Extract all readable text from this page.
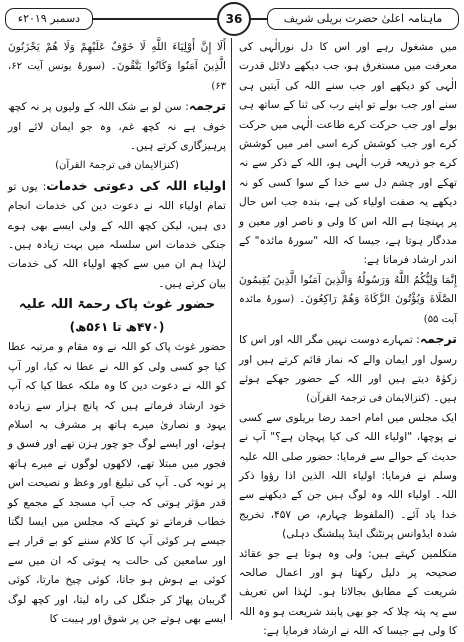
دسمبر ۲۰۱۹ء	36	ماہنامہ اعلیٰ حضرت بریلی شریف

میں مشغول رہے اور اس کا دل نورالٰہی کی معرفت میں مستغرق ہو، جب دیکھے دلائل قدرت الٰہی کو دیکھے اور جب سنے اللہ کی آیتیں ہی سنے اور جب بولے تو اپنے رب کی ثنا کے ساتھ ہی بولے اور جب حرکت کرے طاعت الٰہی میں حرکت کرے اور جب کوشش کرے اسی امر میں کوشش کرے جو ذریعہ قرب الٰہی ہو، اللہ کے ذکر سے نہ تھکے اور چشم دل سے خدا کے سوا کسی کو نہ دیکھے یہ صفت اولیاء کی ہے، بندہ جب اس حال پر پہنچتا ہے اللہ اس کا ولی و ناصر اور معین و مددگار ہوتا ہے، جیسا کہ اللہ "سورۂ مائدہ" کے اندر ارشاد فرماتا ہے:

إِنَّمَا وَلِيُّكُمُ اللَّهُ وَرَسُولُهُ وَالَّذِينَ آمَنُوا الَّذِينَ يُقِيمُونَ الصَّلَاةَ وَيُؤْتُونَ الزَّكَاةَ وَهُمْ رَاكِعُونَ۔ (سورۂ مائدہ آیت ۵۵)

ترجمہ: تمہارے دوست نہیں مگر اللہ اور اس کا رسول اور ایمان والے کہ نماز قائم کرتے ہیں اور زکوٰۃ دیتے ہیں اور اللہ کے حضور جھکے ہوئے ہیں۔ (کنزالایمان فی ترجمۃ القرآن)

ایک مجلس میں امام احمد رضا بریلوی سے کسی نے پوچھا، "اولیاء اللہ کی کیا پہچان ہے؟" آپ نے حدیث کے حوالے سے فرمایا: حضور صلی اللہ علیہ وسلم نے فرمایا: اولیاء اللہ الذین اذا رؤوا ذکر اللہ۔ اولیاء اللہ وہ لوگ ہیں جن کے دیکھنے سے خدا یاد آئے۔ (الملفوظ چہارم، ص ۴۵۷، تخریج شدہ ایڈوانس پرنٹنگ اینڈ پبلشنگ دہلی)

متکلمین کہتے ہیں: ولی وہ ہوتا ہے جو عقائد صحیحہ پر دلیل رکھتا ہو اور اعمال صالحہ شریعت کے مطابق بجالاتا ہو۔ لہٰذا اس تعریف سے یہ پتہ چلا کہ جو بھی پابند شریعت ہو وہ اللہ کا ولی ہے جیسا کہ اللہ نے ارشاد فرمایا ہے:

أَلَا إِنَّ أَوْلِيَاءَ اللَّهِ لَا خَوْفٌ عَلَيْهِمْ وَلَا هُمْ يَحْزَنُونَ الَّذِينَ آمَنُوا وَكَانُوا يَتَّقُونَ۔ (سورۂ یونس آیت ۶۲، ۶۳)

ترجمہ: سن لو بے شک اللہ کے ولیوں پر نہ کچھ خوف ہے نہ کچھ غم، وہ جو ایمان لائے اور پرہیزگاری کرتے ہیں۔

(کنزالایمان فی ترجمۃ القرآن)

اولیاء اللہ کی دعوتی خدمات: یوں تو تمام اولیاء اللہ نے دعوت دین کی خدمات انجام دی ہیں، لیکن کچھ اللہ کے ولی ایسے بھی ہوے جنکی خدمات اس سلسلہ میں بہت زیادہ ہیں۔ لہٰذا ہم ان میں سے کچھ اولیاء اللہ کی خدمات بیان کرتے ہیں۔

حضور غوث پاک رحمۃ اللہ علیہ

(۴۷۰ھ تا ۵۶۱ھ)

حضور غوث پاک کو اللہ نے وہ مقام و مرتبہ عطا کیا جو کسی ولی کو اللہ نے عطا نہ کیا، اور آپ کو اللہ نے دعوت دین کا وہ ملکہ عطا کیا کہ آپ خود ارشاد فرماتے ہیں کہ پانچ ہزار سے زیادہ یہود و نصاریٰ میرے ہاتھ پر مشرف بہ اسلام ہوئے، اور ایسے لوگ جو چور ہزن تھے اور فسق و فجور میں مبتلا تھے، لاکھوں لوگوں نے میرے ہاتھ پر توبہ کی۔ آپ کی تبلیغ اور وعظ و نصیحت اس قدر مؤثر ہوتی کہ جب آپ مسجد کے مجمع کو خطاب فرماتے تو کہتے کہ مجلس میں ایسا لگتا جیسے ہر کوئی آپ کا کلام سننے کو بے قرار ہے اور سامعین کی حالت یہ ہوتی کہ ان میں سے کوئی بے ہوش ہو جاتا، کوئی چیخ مارتا، کوئی گریبان پھاڑ کر جنگل کی راہ لیتا، اور کچھ لوگ ایسے بھی ہوتے جن پر شوق اور ہیبت کا
